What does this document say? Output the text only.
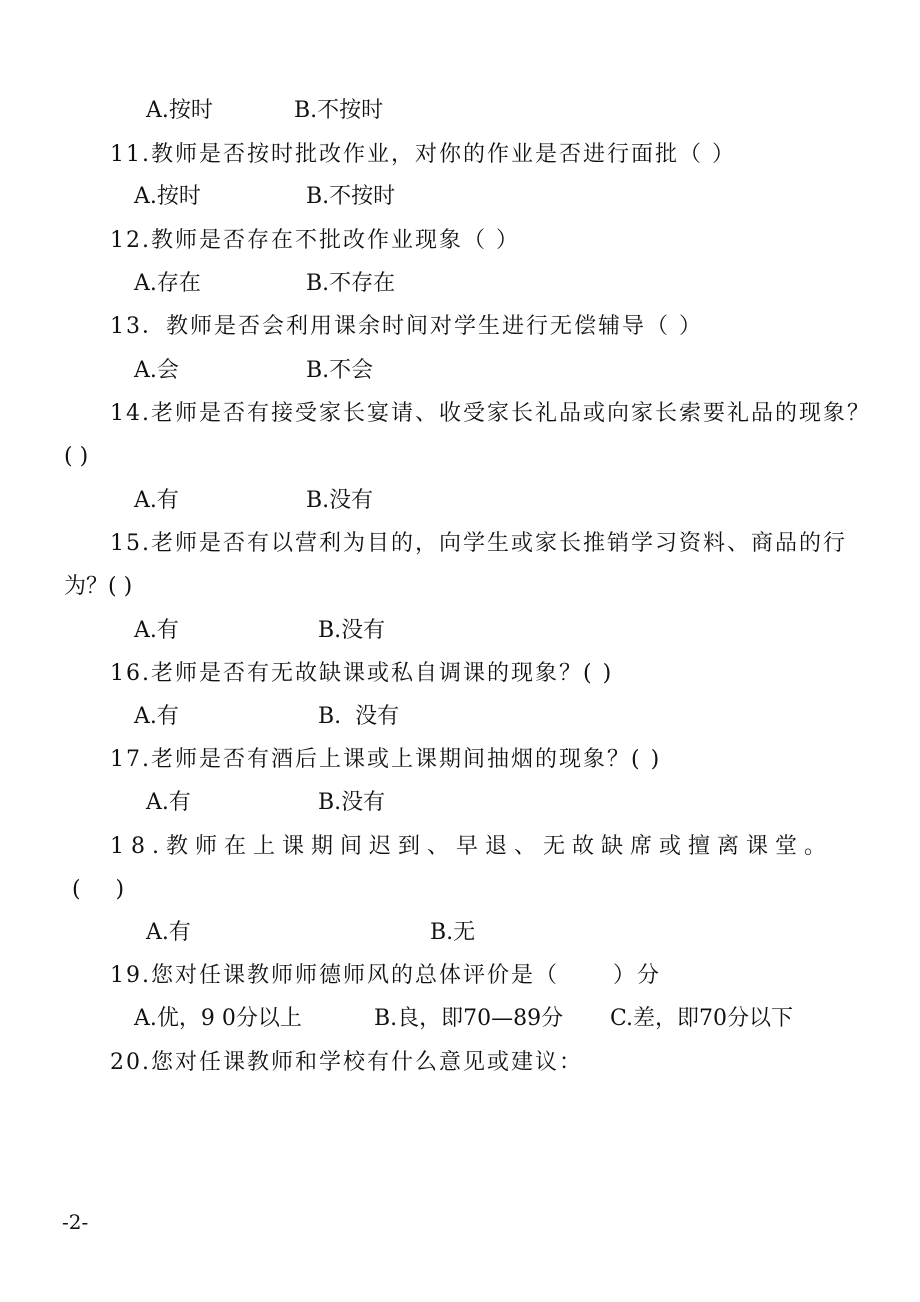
A.按时	B.不按时
11.教师是否按时批改作业，对你的作业是否进行面批（ ）
A.按时	B.不按时
12.教师是否存在不批改作业现象（ ）
A.存在	B.不存在
13．教师是否会利用课余时间对学生进行无偿辅导（ ）
A.会	B.不会
14.老师是否有接受家长宴请、收受家长礼品或向家长索要礼品的现象？
( )
A.有	B.没有
15.老师是否有以营利为目的，向学生或家长推销学习资料、商品的行
为？( )
A.有	B.没有
16.老师是否有无故缺课或私自调课的现象？( )
A.有	B.  没有
17.老师是否有酒后上课或上课期间抽烟的现象？( )
A.有	B.没有
18.教师在上课期间迟到、早退、无故缺席或擅离课堂。
(     )
A.有	B.无
19.您对任课教师师德师风的总体评价是（      ）分
A.优，9 0分以上	B.良，即70—89分 C.差，即70分以下
20.您对任课教师和学校有什么意见或建议：
-2-
